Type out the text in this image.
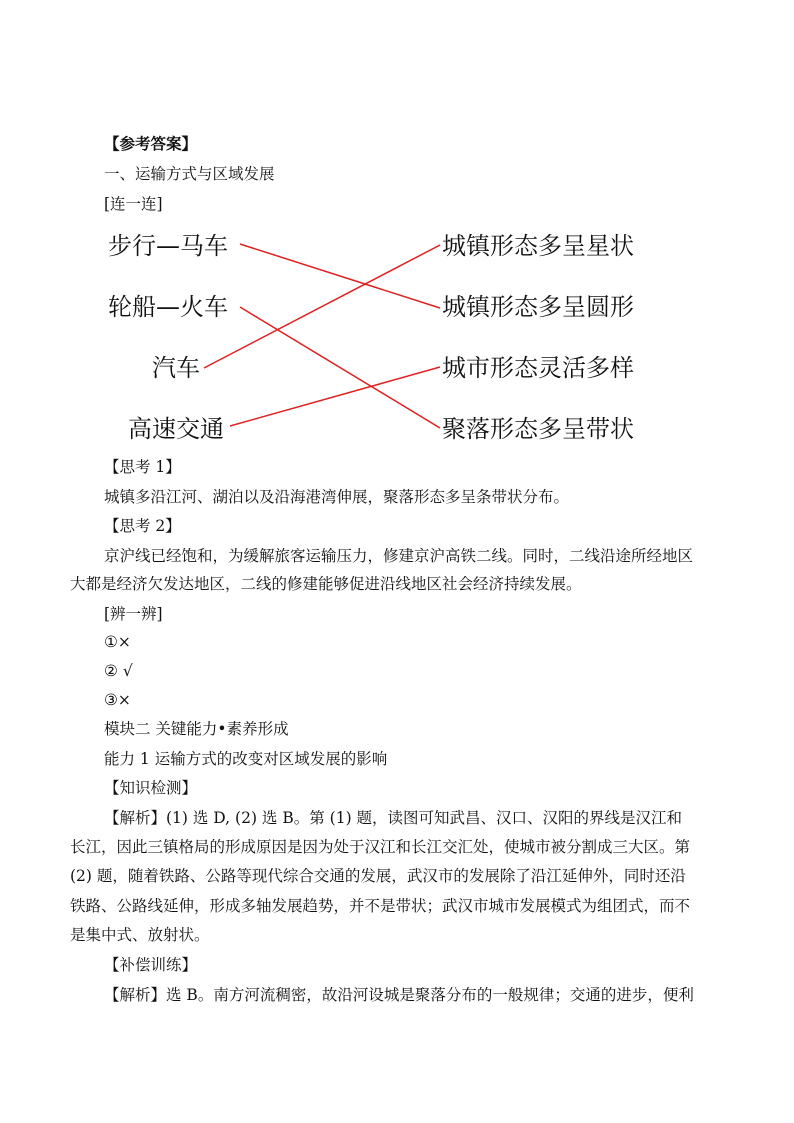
【参考答案】
一、运输方式与区域发展
[连一连]
步行—马车
轮船—火车
汽车
高速交通
城镇形态多呈星状
城镇形态多呈圆形
城市形态灵活多样
聚落形态多呈带状
【思考 1】
城镇多沿江河、湖泊以及沿海港湾伸展，聚落形态多呈条带状分布。
【思考 2】
京沪线已经饱和，为缓解旅客运输压力，修建京沪高铁二线。同时，二线沿途所经地区
大都是经济欠发达地区，二线的修建能够促进沿线地区社会经济持续发展。
[辨一辨]
①×
② √
③×
模块二 关键能力•素养形成
能力 1 运输方式的改变对区域发展的影响
【知识检测】
【解析】(1) 选 D, (2) 选 B。第 (1) 题，读图可知武昌、汉口、汉阳的界线是汉江和
长江，因此三镇格局的形成原因是因为处于汉江和长江交汇处，使城市被分割成三大区。第
(2) 题，随着铁路、公路等现代综合交通的发展，武汉市的发展除了沿江延伸外，同时还沿
铁路、公路线延伸，形成多轴发展趋势，并不是带状；武汉市城市发展模式为组团式，而不
是集中式、放射状。
【补偿训练】
【解析】选 B。南方河流稠密，故沿河设城是聚落分布的一般规律；交通的进步，便利
